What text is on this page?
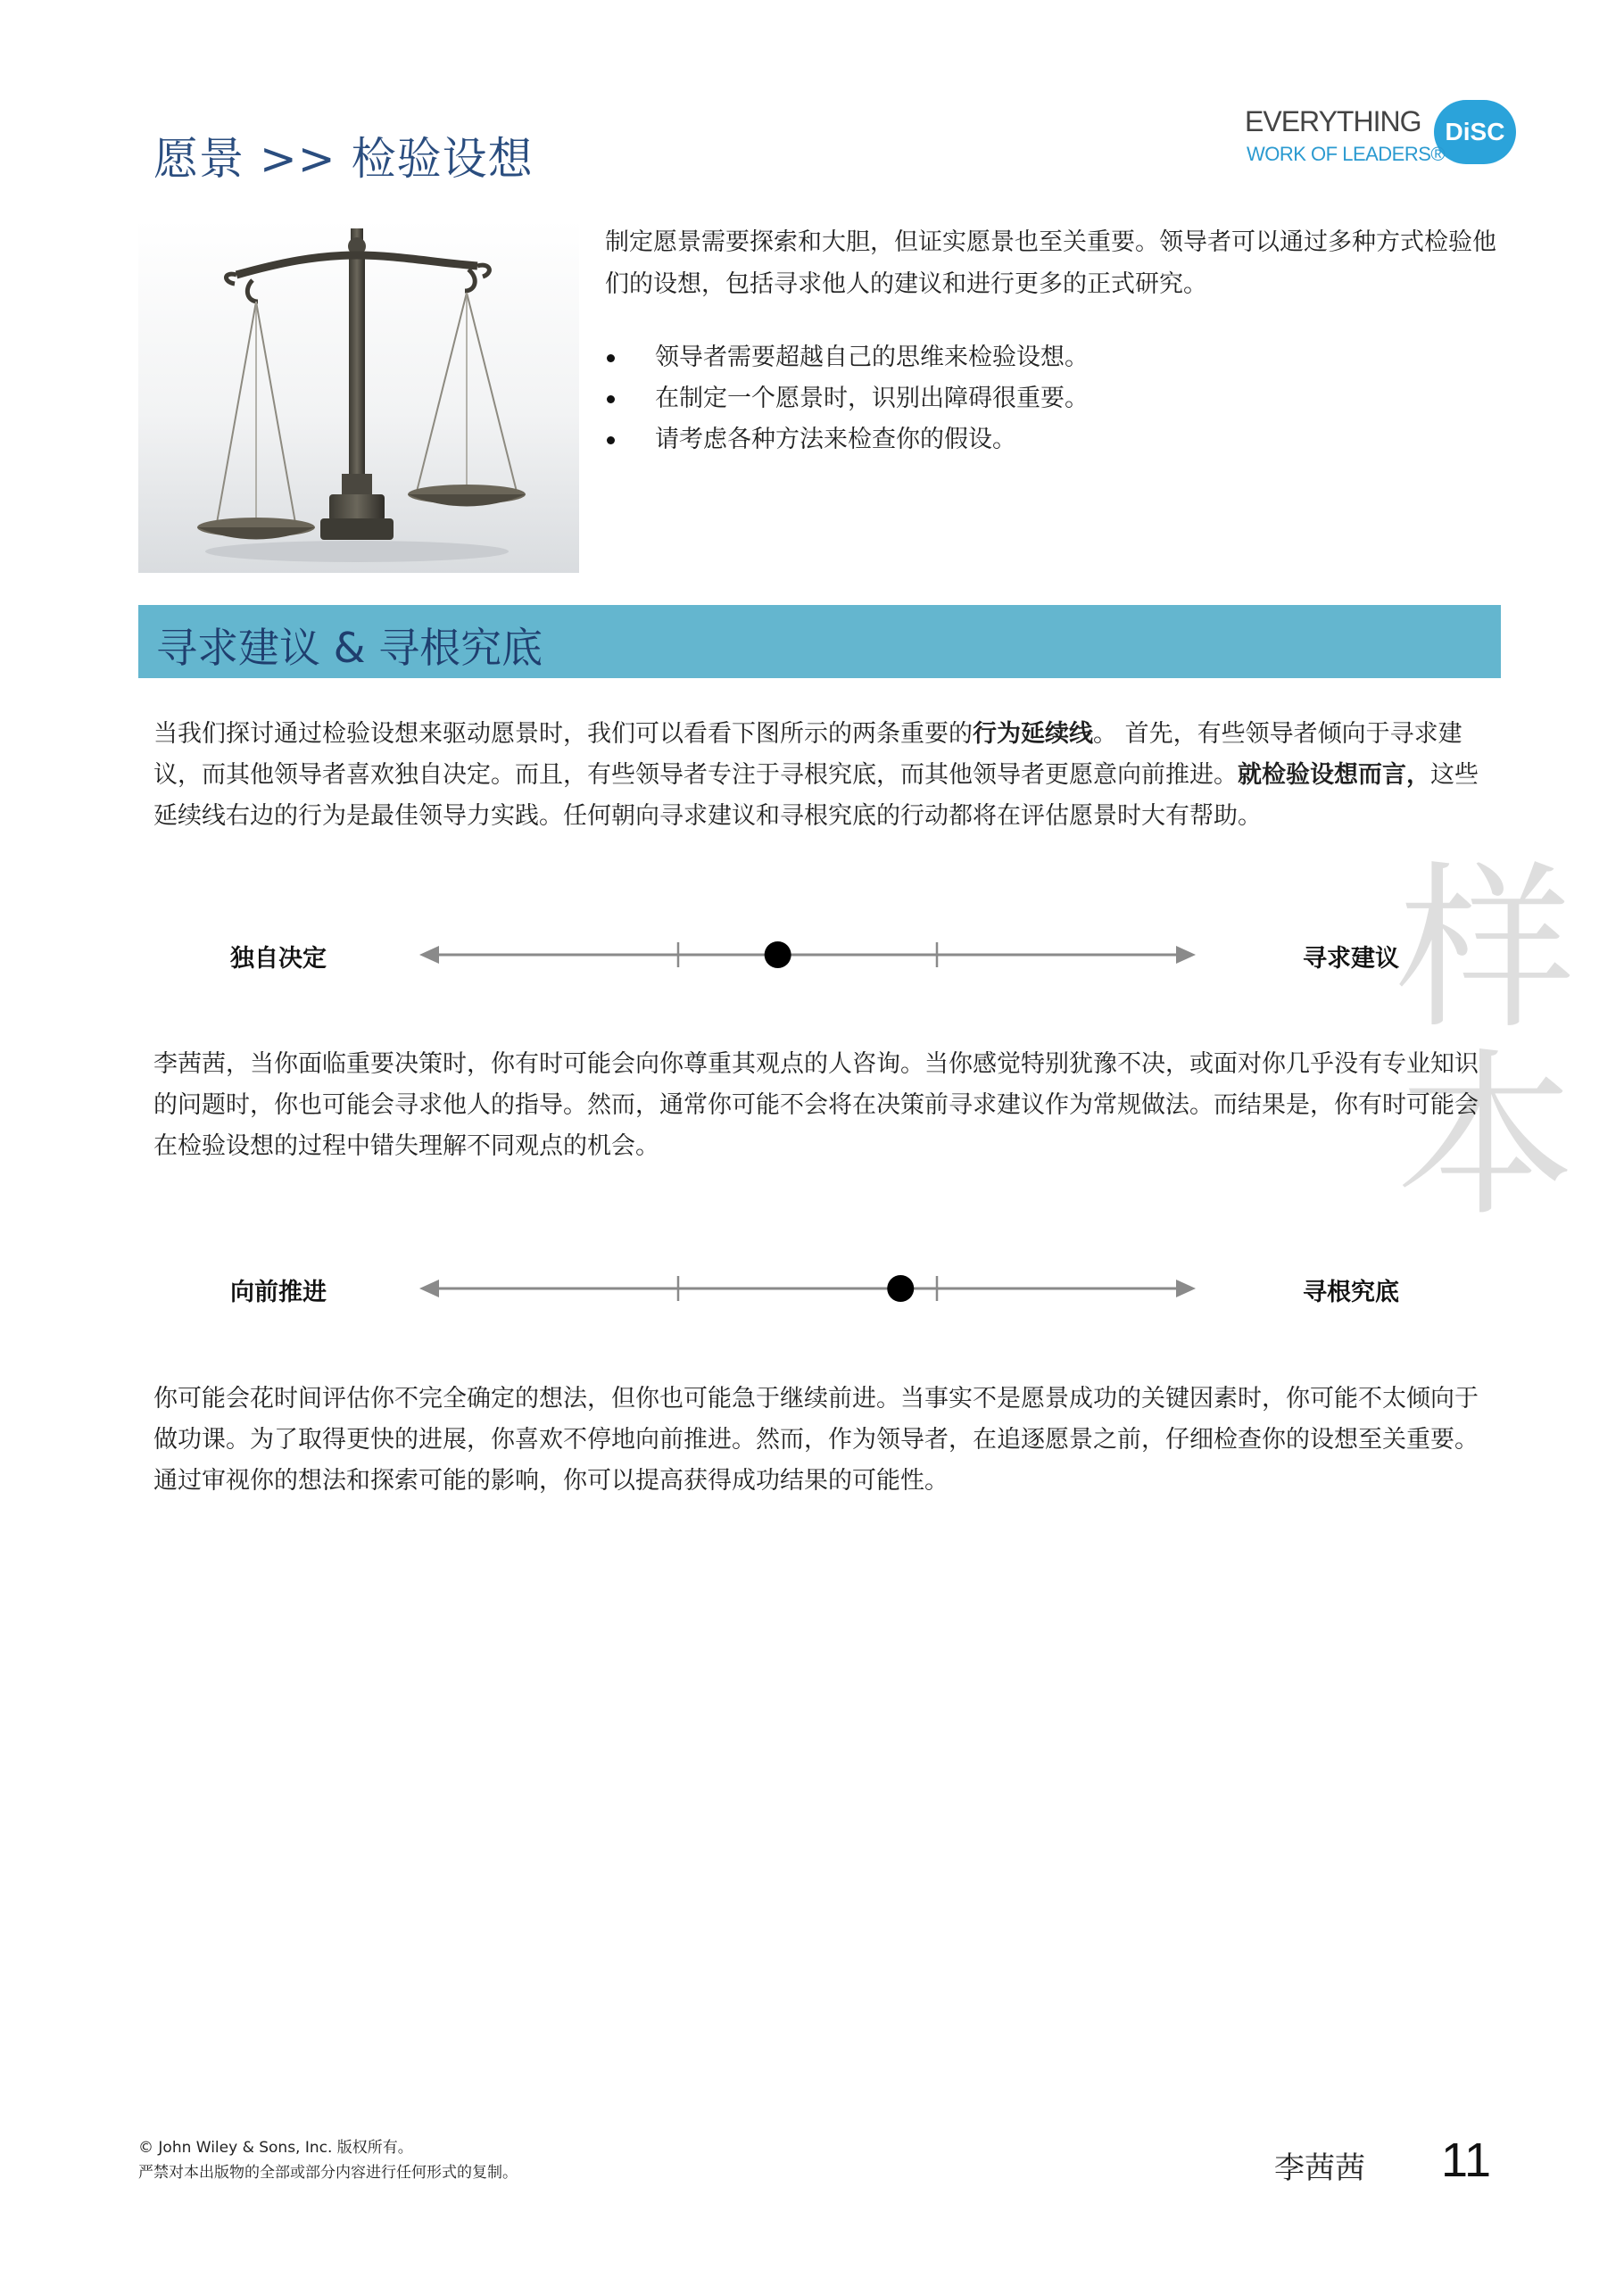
愿景 >> 检验设想
EVERYTHING DiSC
WORK OF LEADERS®
制定愿景需要探索和大胆，但证实愿景也至关重要。领导者可以通过多种方式检验他们的设想，包括寻求他人的建议和进行更多的正式研究。
领导者需要超越自己的思维来检验设想。
在制定一个愿景时，识别出障碍很重要。
请考虑各种方法来检查你的假设。
寻求建议 & 寻根究底
当我们探讨通过检验设想来驱动愿景时，我们可以看看下图所示的两条重要的行为延续线。 首先，有些领导者倾向于寻求建议，而其他领导者喜欢独自决定。而且，有些领导者专注于寻根究底，而其他领导者更愿意向前推进。就检验设想而言，这些延续线右边的行为是最佳领导力实践。任何朝向寻求建议和寻根究底的行动都将在评估愿景时大有帮助。
样本
独自决定	寻求建议
李茜茜，当你面临重要决策时，你有时可能会向你尊重其观点的人咨询。当你感觉特别犹豫不决，或面对你几乎没有专业知识的问题时，你也可能会寻求他人的指导。然而，通常你可能不会将在决策前寻求建议作为常规做法。而结果是，你有时可能会在检验设想的过程中错失理解不同观点的机会。
向前推进	寻根究底
你可能会花时间评估你不完全确定的想法，但你也可能急于继续前进。当事实不是愿景成功的关键因素时，你可能不太倾向于做功课。为了取得更快的进展，你喜欢不停地向前推进。然而，作为领导者，在追逐愿景之前，仔细检查你的设想至关重要。通过审视你的想法和探索可能的影响，你可以提高获得成功结果的可能性。
© John Wiley & Sons, Inc. 版权所有。
严禁对本出版物的全部或部分内容进行任何形式的复制。	李茜茜 11
